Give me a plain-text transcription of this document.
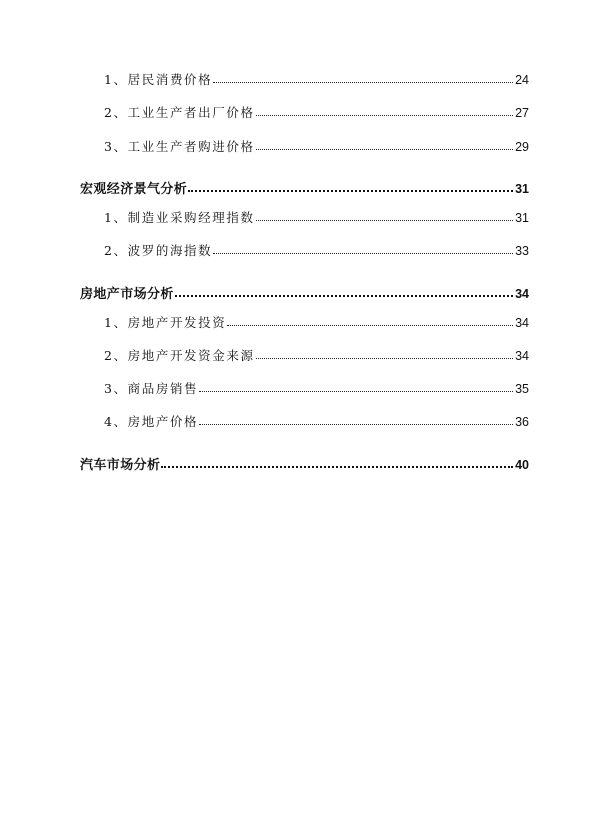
1、居民消费价格	24
2、工业生产者出厂价格	27
3、工业生产者购进价格	29
宏观经济景气分析	31
1、制造业采购经理指数	31
2、波罗的海指数	33
房地产市场分析	34
1、房地产开发投资	34
2、房地产开发资金来源	34
3、商品房销售	35
4、房地产价格	36
汽车市场分析	40
